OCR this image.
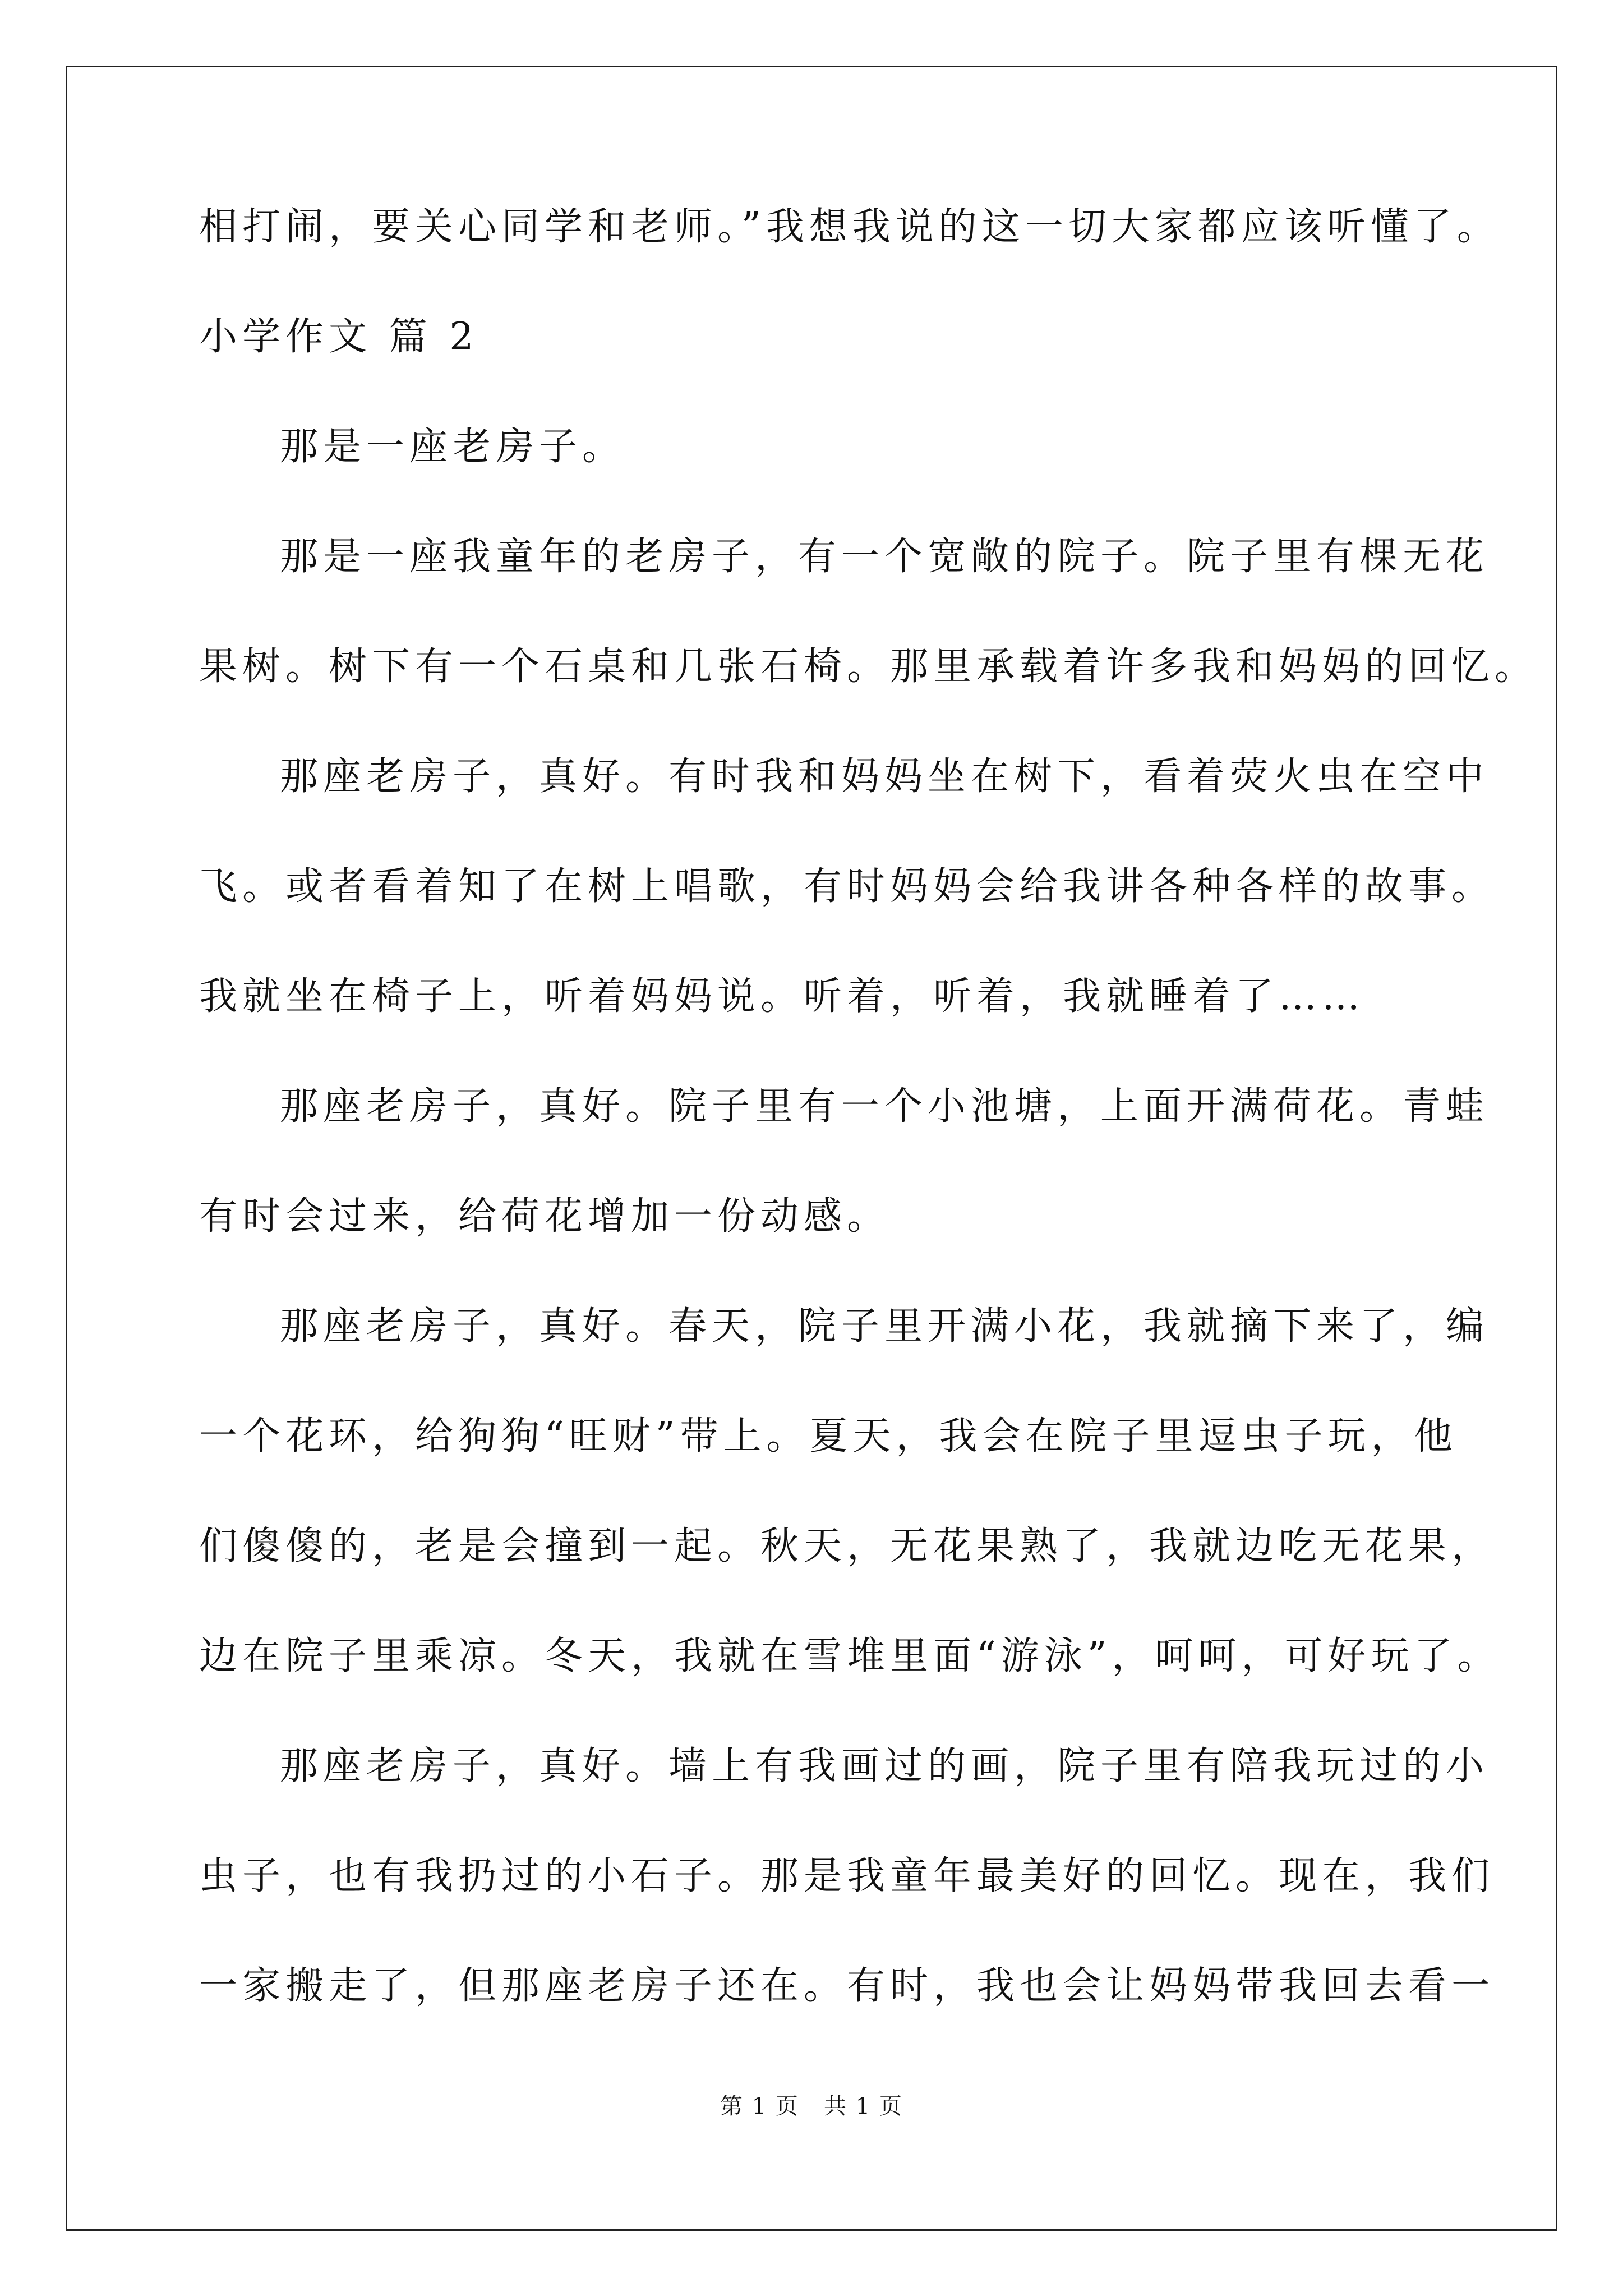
相打闹，要关心同学和老师。”我想我说的这一切大家都应该听懂了。
小学作文 篇 2
那是一座老房子。
那是一座我童年的老房子，有一个宽敞的院子。院子里有棵无花
果树。树下有一个石桌和几张石椅。那里承载着许多我和妈妈的回忆。
那座老房子，真好。有时我和妈妈坐在树下，看着荧火虫在空中
飞。或者看着知了在树上唱歌，有时妈妈会给我讲各种各样的故事。
我就坐在椅子上，听着妈妈说。听着，听着，我就睡着了……
那座老房子，真好。院子里有一个小池塘，上面开满荷花。青蛙
有时会过来，给荷花增加一份动感。
那座老房子，真好。春天，院子里开满小花，我就摘下来了，编
一个花环，给狗狗“旺财”带上。夏天，我会在院子里逗虫子玩，他
们傻傻的，老是会撞到一起。秋天，无花果熟了，我就边吃无花果，
边在院子里乘凉。冬天，我就在雪堆里面“游泳”，呵呵，可好玩了。
那座老房子，真好。墙上有我画过的画，院子里有陪我玩过的小
虫子，也有我扔过的小石子。那是我童年最美好的回忆。现在，我们
一家搬走了，但那座老房子还在。有时，我也会让妈妈带我回去看一
第 1 页   共 1 页
